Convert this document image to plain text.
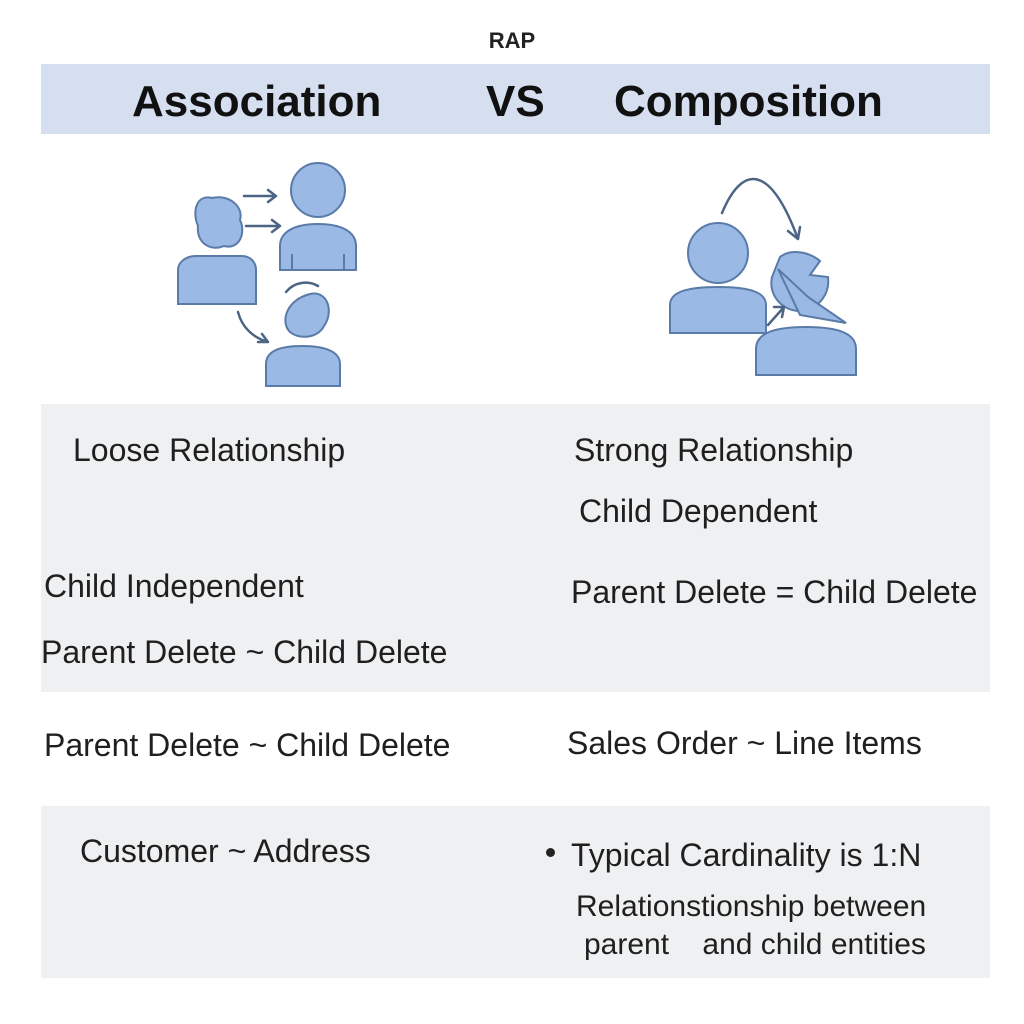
RAP
Association VS Composition
Loose Relationship
Child Independent
Parent Delete ~ Child Delete
Parent Delete ~ Child Delete
Customer ~ Address
Strong Relationship
Child Dependent
Parent Delete = Child Delete
Sales Order ~ Line Items
Typical Cardinality is 1:N
Relationstionship between
parent    and child entities
